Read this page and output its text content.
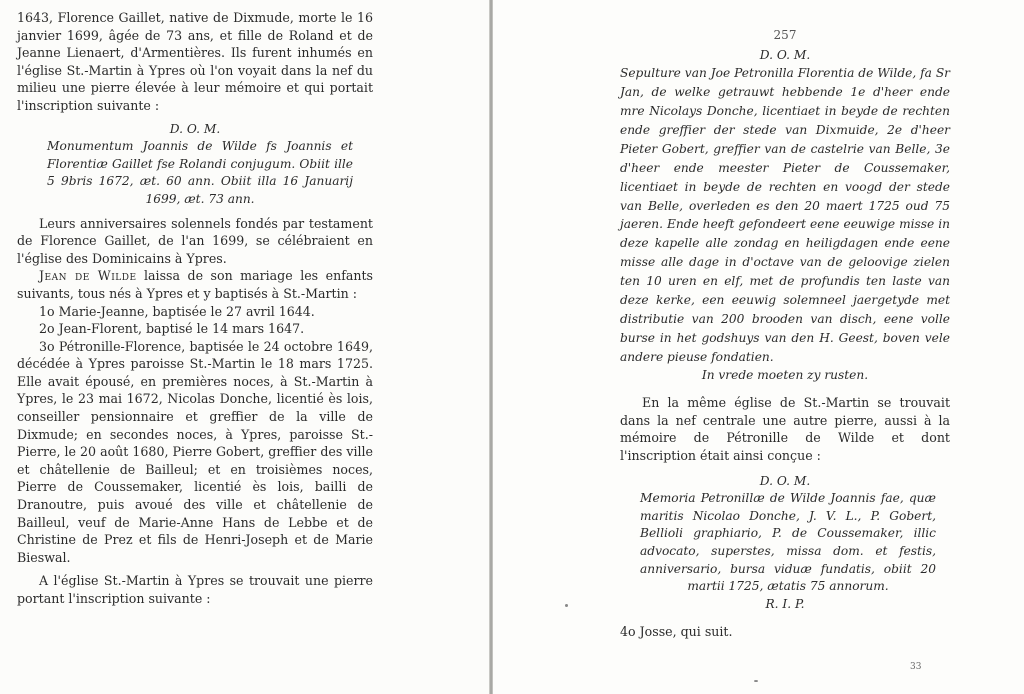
1643, Florence Gaillet, native de Dixmude, morte le 16 janvier 1699, âgée de 73 ans, et fille de Roland et de Jeanne Lienaert, d'Armentières. Ils furent inhumés en l'église St.-Martin à Ypres où l'on voyait dans la nef du milieu une pierre élevée à leur mémoire et qui portait l'inscription suivante :

D. O. M.

Monumentum Joannis de Wilde fs Joannis et Florentiæ Gaillet fse Rolandi conjugum. Obiit ille 5 9bris 1672, æt. 60 ann. Obiit illa 16 Januarij 1699, æt. 73 ann.

Leurs anniversaires solennels fondés par testament de Florence Gaillet, de l'an 1699, se célébraient en l'église des Dominicains à Ypres.

Jean de Wilde laissa de son mariage les enfants suivants, tous nés à Ypres et y baptisés à St.-Martin :

1o Marie-Jeanne, baptisée le 27 avril 1644.

2o Jean-Florent, baptisé le 14 mars 1647.

3o Pétronille-Florence, baptisée le 24 octobre 1649, décédée à Ypres paroisse St.-Martin le 18 mars 1725. Elle avait épousé, en premières noces, à St.-Martin à Ypres, le 23 mai 1672, Nicolas Donche, licentié ès lois, conseiller pensionnaire et greffier de la ville de Dixmude; en secondes noces, à Ypres, paroisse St.-Pierre, le 20 août 1680, Pierre Gobert, greffier des ville et châtellenie de Bailleul; et en troisièmes noces, Pierre de Coussemaker, licentié ès lois, bailli de Dranoutre, puis avoué des ville et châtellenie de Bailleul, veuf de Marie-Anne Hans de Lebbe et de Christine de Prez et fils de Henri-Joseph et de Marie Bieswal.

A l'église St.-Martin à Ypres se trouvait une pierre portant l'inscription suivante :

257

D. O. M.

Sepulture van Joe Petronilla Florentia de Wilde, fa Sr Jan, de welke getrauwt hebbende 1e d'heer ende mre Nicolays Donche, licentiaet in beyde de rechten ende greffier der stede van Dixmuide, 2e d'heer Pieter Gobert, greffier van de castelrie van Belle, 3e d'heer ende meester Pieter de Coussemaker, licentiaet in beyde de rechten en voogd der stede van Belle, overleden es den 20 maert 1725 oud 75 jaeren. Ende heeft gefondeert eene eeuwige misse in deze kapelle alle zondag en heiligdagen ende eene misse alle dage in d'octave van de geloovige zielen ten 10 uren en elf, met de profundis ten laste van deze kerke, een eeuwig solemneel jaergetyde met distributie van 200 brooden van disch, eene volle burse in het godshuys van den H. Geest, boven vele andere pieuse fondatien.

In vrede moeten zy rusten.

En la même église de St.-Martin se trouvait dans la nef centrale une autre pierre, aussi à la mémoire de Pétronille de Wilde et dont l'inscription était ainsi conçue :

D. O. M.

Memoria Petronillæ de Wilde Joannis fae, quæ maritis Nicolao Donche, J. V. L., P. Gobert, Bellioli graphiario, P. de Coussemaker, illic advocato, superstes, missa dom. et festis, anniversario, bursa viduæ fundatis, obiit 20 martii 1725, ætatis 75 annorum.

R. I. P.

4o Josse, qui suit.

33
